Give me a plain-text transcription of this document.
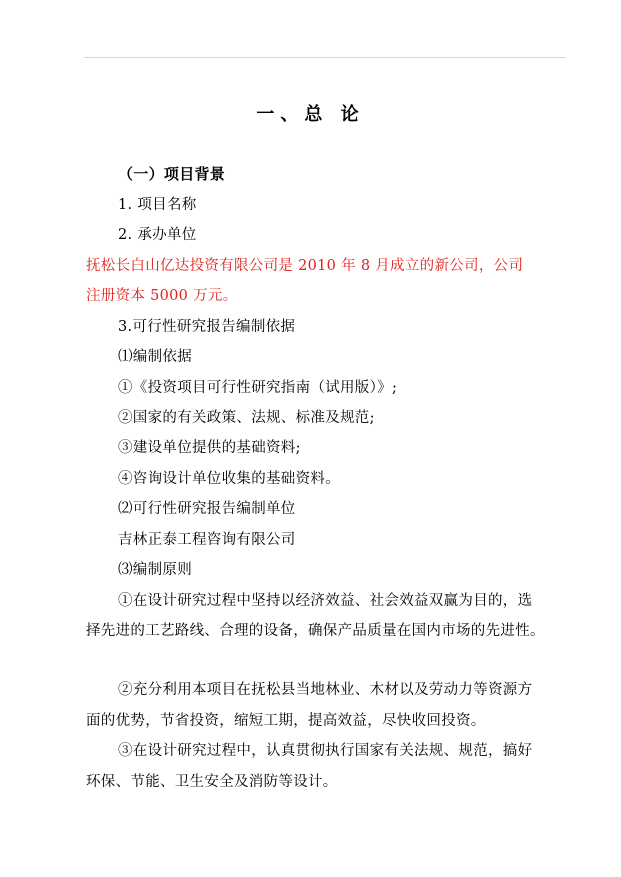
一、总 论
（一）项目背景
1. 项目名称
2. 承办单位
抚松长白山亿达投资有限公司是 2010 年 8 月成立的新公司，公司
注册资本 5000 万元。
3.可行性研究报告编制依据
⑴编制依据
①《投资项目可行性研究指南（试用版）》;
②国家的有关政策、法规、标准及规范;
③建设单位提供的基础资料;
④咨询设计单位收集的基础资料。
⑵可行性研究报告编制单位
吉林正泰工程咨询有限公司
⑶编制原则
①在设计研究过程中坚持以经济效益、社会效益双赢为目的，选
择先进的工艺路线、合理的设备，确保产品质量在国内市场的先进性。
②充分利用本项目在抚松县当地林业、木材以及劳动力等资源方
面的优势，节省投资，缩短工期，提高效益，尽快收回投资。
③在设计研究过程中，认真贯彻执行国家有关法规、规范，搞好
环保、节能、卫生安全及消防等设计。
